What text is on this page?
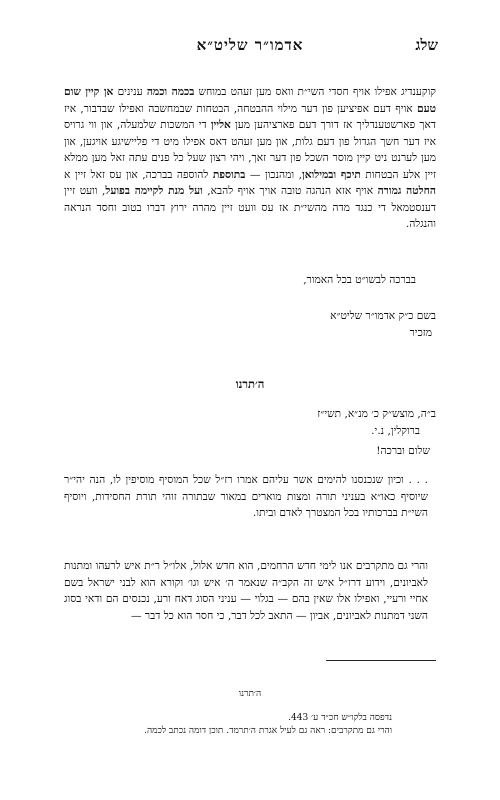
שלג
אדמו״ר שליט״א
קוקענדיג אפילו אויף חסדי השי״ת וואס מען זעהט במוחש בכמה וכמה ענינים אן קיין שום טעם אויף דעם אפיציען פון דער מילוי ההבטחה, הבטחות שבמחשבה ואפילו שבדבור, איז דאך פארשטענדליך אז דורך דעם פארציהען מען אליין די המשכות שלמעלה, און ווי גרויס איז דער חשך הגדול פון דעם גלות, און מען זעהט דאס אפילו מיט די פליישיגע אויגען, און מען לערנט ניט קיין מוסר השכל פון דער זאך, ויהי רצון שעל כל פנים עתה זאל מען ממלא זיין אלע הבטחות תיכף ובמילואן, ומהנכון — בתוספת להוספה בברכה, און עס זאל זיין א החלטה גמורה אויף אזא הנהגה טובה אויך אויף להבא, ועל מנת לקיימה בפועל, וועט זיין דענסטמאל די כנגד מדה מהשי״ת אז עס וועט זיין מהרה ירוץ דברו בטוב וחסד הנראה והנגלה.
בברכה לבשו״ט בכל האמור,
בשם כ״ק אדמו״ר שליט״א
מזכיר
ה׳תרנו
ב״ה, מוצש״ק כ׳ מנ״א, תשי״ז
ברוקלין, נ.י.
שלום וברכה!
. . . וכיון שנכנסנו להימים אשר עליהם אמרו רז״ל שכל המוסיף מוסיפין לו, הנה יהי״ר שיוסיף כאו״א בעניני תורה ומצות מוארים במאור שבתורה זוהי תורת החסידות, ויוסיף השי״ת בברכותיו בכל המצטרך לאדם וביתו.
והרי גם מתקרבים אנו לימי חדש הרחמים, הוא חדש אלול, אלו״ל ר״ת איש לרעהו ומתנות לאביונים, וידוע דרז״ל איש זה הקב״ה שנאמר ה׳ איש וגו׳ וקורא הוא לבני ישראל בשם אחיי ורעיי, ואפילו אלו שאין בהם — בגלוי — עניני הסוג דאח ורע, נכנסים הם ודאי בסוג השני דמתנות לאביונים, אביון — התאב לכל דבר, כי חסר הוא כל דבר —
ה׳תרנו
נדפסה בלקו״ש חכ״ד ע׳ 443.
והרי גם מתקרבים: ראה גם לעיל אגרת ה׳תרמד. תוכן דומה נכתב לכמה.
